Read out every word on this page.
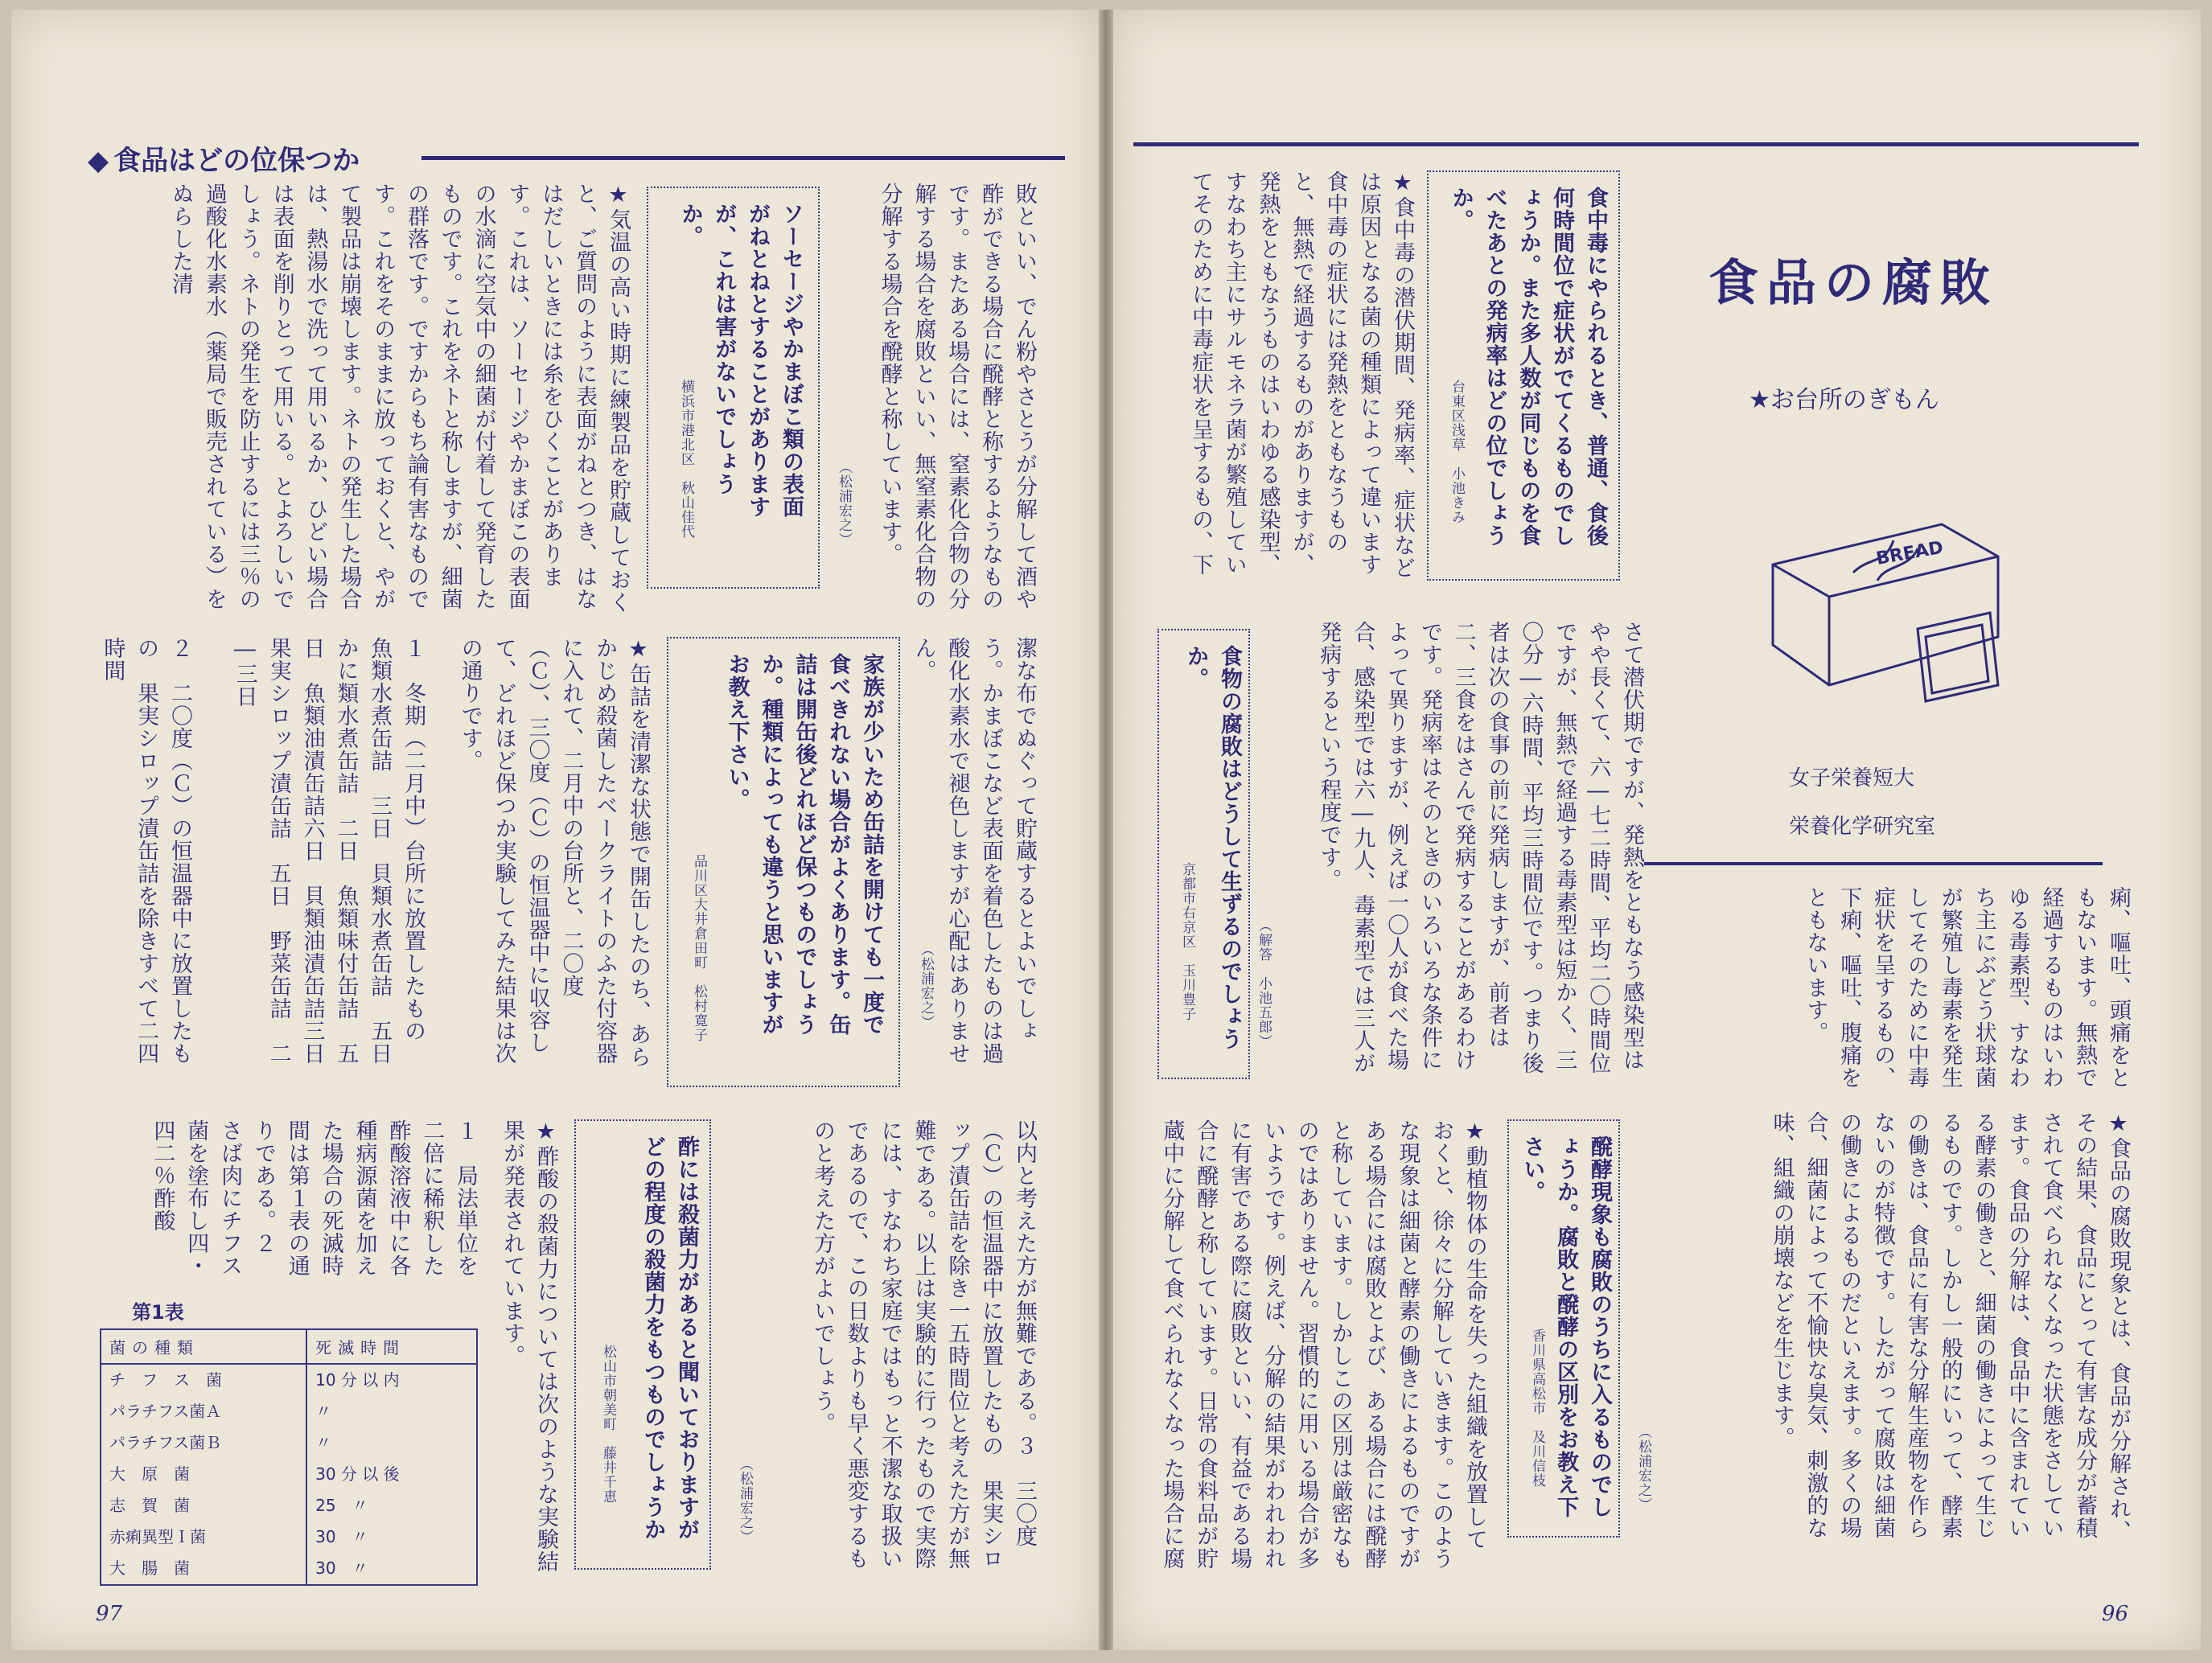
◆ 食品はどの位保つか
敗といい、でん粉やさとうが分解して酒や酢ができる場合に醗酵と称するようなものです。またある場合には、窒素化合物の分解する場合を腐敗といい、無窒素化合物の分解する場合を醗酵と称しています。
ソーセージやかまぼこ類の表面がねとねとすることがありますが、これは害がないでしょうか。
横浜市港北区　秋山佳代	（松浦宏之）
★気温の高い時期に練製品を貯蔵しておくと、ご質問のように表面がねとつき、はなはだしいときには糸をひくことがあります。これは、ソーセージやかまぼこの表面の水滴に空気中の細菌が付着して発育したものです。これをネトと称しますが、細菌の群落です。ですからもち論有害なものです。これをそのままに放っておくと、やがて製品は崩壊します。ネトの発生した場合は、熱湯水で洗って用いるか、ひどい場合は表面を削りとって用いる。とよろしいでしょう。ネトの発生を防止するには三％の過酸化水素水（薬局で販売されている）をぬらした清
潔な布でぬぐって貯蔵するとよいでしょう。かまぼこなど表面を着色したものは過酸化水素水で褪色しますが心配はありません。
（松浦宏之）
家族が少いため缶詰を開けても一度で食べきれない場合がよくあります。缶詰は開缶後どれほど保つものでしょうか。種類によっても違うと思いますがお教え下さい。
品川区大井倉田町　松村寛子
★缶詰を清潔な状態で開缶したのち、あらかじめ殺菌したベークライトのふた付容器に入れて、二月中の台所と、二〇度（Ｃ）、三〇度（Ｃ）の恒温器中に収容して、どれほど保つか実験してみた結果は次の通りです。
１　冬期（二月中）台所に放置したもの　魚類水煮缶詰　三日　貝類水煮缶詰　五日　かに類水煮缶詰　二日　魚類味付缶詰　五日　魚類油漬缶詰六日　貝類油漬缶詰三日　果実シロップ漬缶詰　五日　野菜缶詰　二―三日
２　二〇度（Ｃ）の恒温器中に放置したもの　果実シロップ漬缶詰を除きすべて二四時間
以内と考えた方が無難である。３　三〇度（Ｃ）の恒温器中に放置したもの　果実シロップ漬缶詰を除き一五時間位と考えた方が無難である。以上は実験的に行ったもので実際には、すなわち家庭ではもっと不潔な取扱いであるので、この日数よりも早く悪変するものと考えた方がよいでしょう。
（松浦宏之）
酢には殺菌力があると聞いておりますがどの程度の殺菌力をもつものでしょうか
松山市朝美町　藤井千恵
★酢酸の殺菌力については次のような実験結果が発表されています。
１　局法単位を二倍に稀釈した酢酸溶液中に各種病源菌を加えた場合の死滅時間は第１表の通りである。２　さば肉にチフス菌を塗布し四・四二％酢酸
第1表
菌の種類	死滅時間
チ　フ　ス　菌	10 分 以 内
パラチフス菌Ａ	〃
パラチフス菌Ｂ	〃
大　原　菌	30 分 以 後
志　賀　菌	25　〃
赤痢異型Ｉ菌	30　〃
大　腸　菌	30　〃
97
食品の腐敗
★お台所のぎもん
BREAD
女子栄養短大
栄養化学研究室
食中毒にやられるとき、普通、食後何時間位で症状がでてくるものでしょうか。また多人数が同じものを食べたあとの発病率はどの位でしょうか。
台東区浅草　小池きみ
★食中毒の潜伏期間、発病率、症状などは原因となる菌の種類によって違います食中毒の症状には発熱をともなうものと、無熱で経過するものがありますが、発熱をともなうものはいわゆる感染型、すなわち主にサルモネラ菌が繁殖していてそのために中毒症状を呈するもの、下
痢、嘔吐、頭痛をともないます。無熱で経過するものはいわゆる毒素型、すなわち主にぶどう状球菌が繁殖し毒素を発生してそのために中毒症状を呈するもの、下痢、嘔吐、腹痛をともないます。
さて潜伏期ですが、発熱をともなう感染型はやや長くて、六―七二時間、平均二〇時間位ですが、無熱で経過する毒素型は短かく、三〇分―六時間、平均三時間位です。つまり後者は次の食事の前に発病しますが、前者は二、三食をはさんで発病することがあるわけです。発病率はそのときのいろいろな条件によって異りますが、例えば一〇人が食べた場合、感染型では六―九人、毒素型では三人が発病するという程度です。
（解答　小池五郎）
食物の腐敗はどうして生ずるのでしょうか。
京都市右京区　玉川豊子
★食品の腐敗現象とは、食品が分解され、その結果、食品にとって有害な成分が蓄積されて食べられなくなった状態をさしています。食品の分解は、食品中に含まれている酵素の働きと、細菌の働きによって生じるものです。しかし一般的にいって、酵素の働きは、食品に有害な分解生産物を作らないのが特徴です。したがって腐敗は細菌の働きによるものだといえます。多くの場合、細菌によって不愉快な臭気、刺激的な味、組織の崩壊などを生じます。
（松浦宏之）
醗酵現象も腐敗のうちに入るものでしょうか。腐敗と醗酵の区別をお教え下さい。
香川県高松市　及川信枝
★動植物体の生命を失った組織を放置しておくと、徐々に分解していきます。このような現象は細菌と酵素の働きによるものですがある場合には腐敗とよび、ある場合には醗酵と称しています。しかしこの区別は厳密なものではありません。習慣的に用いる場合が多いようです。例えば、分解の結果がわれわれに有害である際に腐敗といい、有益である場合に醗酵と称しています。日常の食料品が貯蔵中に分解して食べられなくなった場合に腐
96
